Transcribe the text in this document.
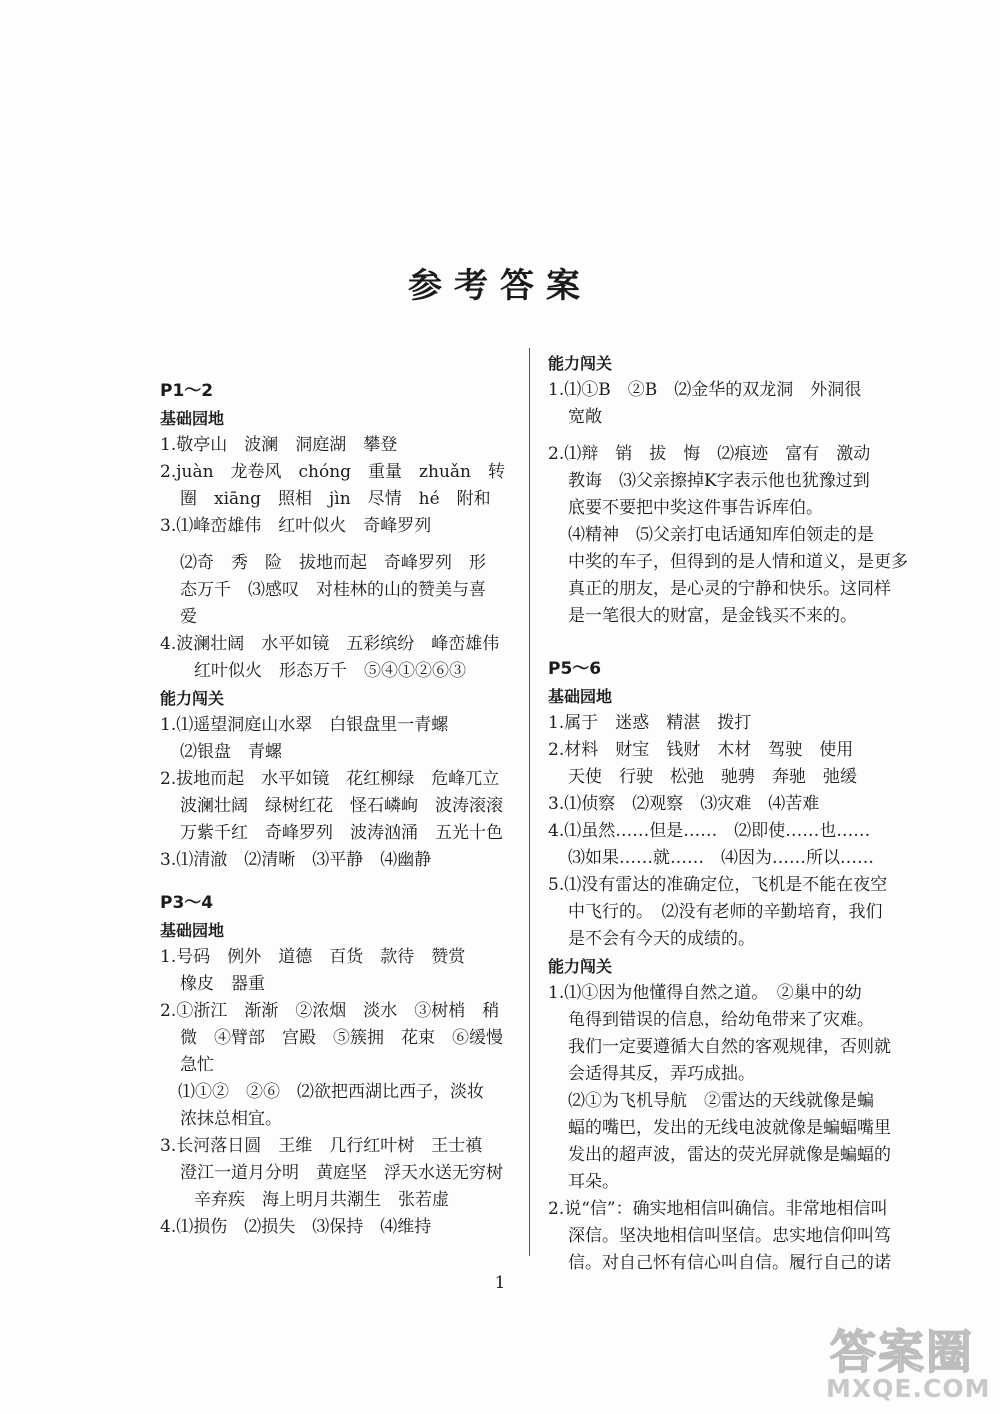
参考答案
P1～2
基础园地
1.敬亭山　波澜　洞庭湖　攀登
2.juàn　龙卷风　chóng　重量　zhuǎn　转
圈　xiāng　照相　jìn　尽情　hé　附和
3.⑴峰峦雄伟　红叶似火　奇峰罗列
⑵奇　秀　险　拔地而起　奇峰罗列　形
态万千　⑶感叹　对桂林的山的赞美与喜
爱
4.波澜壮阔　水平如镜　五彩缤纷　峰峦雄伟
红叶似火　形态万千　⑤④①②⑥③
能力闯关
1.⑴遥望洞庭山水翠　白银盘里一青螺
⑵银盘　青螺
2.拔地而起　水平如镜　花红柳绿　危峰兀立
波澜壮阔　绿树红花　怪石嶙峋　波涛滚滚
万紫千红　奇峰罗列　波涛汹涌　五光十色
3.⑴清澈　⑵清晰　⑶平静　⑷幽静
P3～4
基础园地
1.号码　例外　道德　百货　款待　赞赏
橡皮　器重
2.①浙江　渐渐　②浓烟　淡水　③树梢　稍
微　④臂部　宫殿　⑤簇拥　花束　⑥缓慢
急忙
⑴①②　②⑥　⑵欲把西湖比西子，淡妆
浓抹总相宜。
3.长河落日圆　王维　几行红叶树　王士禛
澄江一道月分明　黄庭坚　浮天水送无穷树
辛弃疾　海上明月共潮生　张若虚
4.⑴损伤　⑵损失　⑶保持　⑷维持
能力闯关
1.⑴①B　②B　⑵金华的双龙洞　外洞很
宽敞
2.⑴辩　销　拔　悔　⑵痕迹　富有　激动
教诲　⑶父亲擦掉K字表示他也犹豫过到
底要不要把中奖这件事告诉库伯。
⑷精神　⑸父亲打电话通知库伯领走的是
中奖的车子，但得到的是人情和道义，是更多
真正的朋友，是心灵的宁静和快乐。这同样
是一笔很大的财富，是金钱买不来的。
P5～6
基础园地
1.属于　迷惑　精湛　拨打
2.材料　财宝　钱财　木材　驾驶　使用
天使　行驶　松弛　驰骋　奔驰　弛缓
3.⑴侦察　⑵观察　⑶灾难　⑷苦难
4.⑴虽然……但是……　⑵即使……也……
⑶如果……就……　⑷因为……所以……
5.⑴没有雷达的准确定位，飞机是不能在夜空
中飞行的。　⑵没有老师的辛勤培育，我们
是不会有今天的成绩的。
能力闯关
1.⑴①因为他懂得自然之道。　②巢中的幼
龟得到错误的信息，给幼龟带来了灾难。
我们一定要遵循大自然的客观规律，否则就
会适得其反，弄巧成拙。
⑵①为飞机导航　②雷达的天线就像是蝙
蝠的嘴巴，发出的无线电波就像是蝙蝠嘴里
发出的超声波，雷达的荧光屏就像是蝙蝠的
耳朵。
2.说“信”：确实地相信叫确信。非常地相信叫
深信。坚决地相信叫坚信。忠实地信仰叫笃
信。对自己怀有信心叫自信。履行自己的诺
1
答案圈
MXQE.COM
